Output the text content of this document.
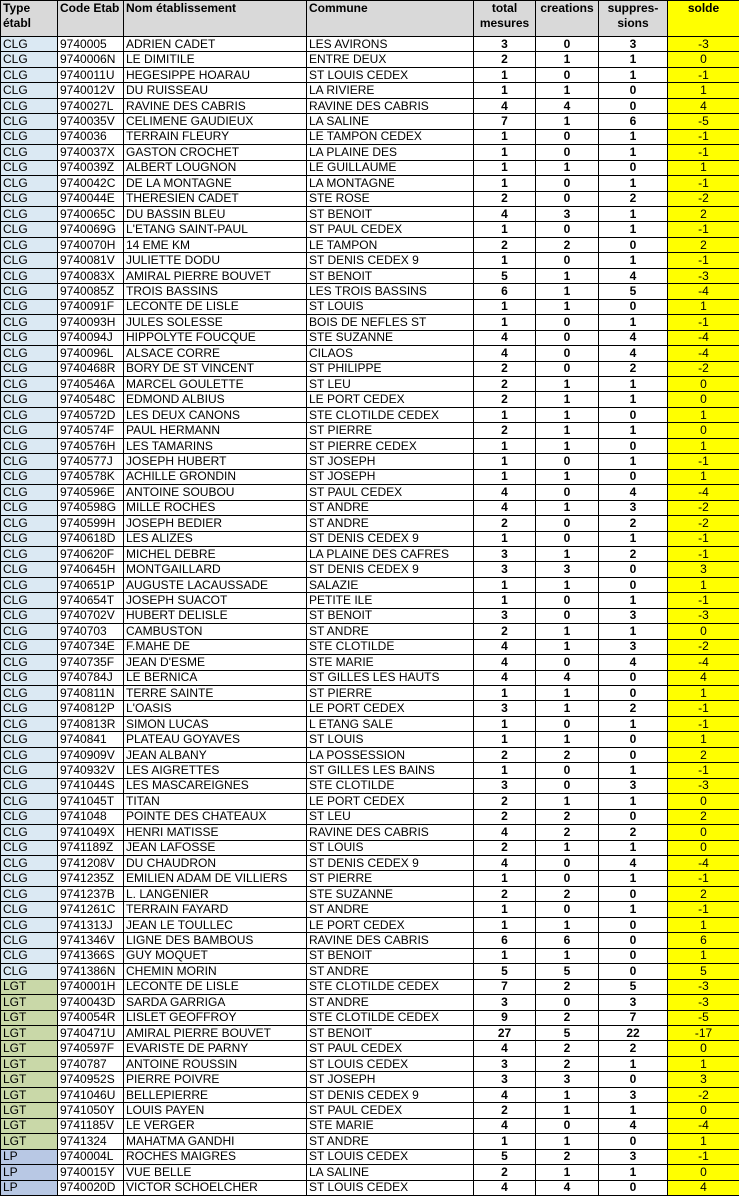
Type établ	Code Etab	Nom établissement	Commune	total mesures	creations	suppres-sions	solde
CLG	9740005	ADRIEN CADET	LES AVIRONS	3	0	3	-3
CLG	9740006N	LE DIMITILE	ENTRE DEUX	2	1	1	0
CLG	9740011U	HEGESIPPE HOARAU	ST LOUIS CEDEX	1	0	1	-1
CLG	9740012V	DU RUISSEAU	LA RIVIERE	1	1	0	1
CLG	9740027L	RAVINE DES CABRIS	RAVINE DES CABRIS	4	4	0	4
CLG	9740035V	CELIMENE GAUDIEUX	LA SALINE	7	1	6	-5
CLG	9740036	TERRAIN FLEURY	LE TAMPON CEDEX	1	0	1	-1
CLG	9740037X	GASTON CROCHET	LA PLAINE DES	1	0	1	-1
CLG	9740039Z	ALBERT LOUGNON	LE GUILLAUME	1	1	0	1
CLG	9740042C	DE LA MONTAGNE	LA MONTAGNE	1	0	1	-1
CLG	9740044E	THERESIEN CADET	STE ROSE	2	0	2	-2
CLG	9740065C	DU BASSIN BLEU	ST BENOIT	4	3	1	2
CLG	9740069G	L'ETANG SAINT-PAUL	ST PAUL CEDEX	1	0	1	-1
CLG	9740070H	14 EME KM	LE TAMPON	2	2	0	2
CLG	9740081V	JULIETTE DODU	ST DENIS CEDEX 9	1	0	1	-1
CLG	9740083X	AMIRAL PIERRE BOUVET	ST BENOIT	5	1	4	-3
CLG	9740085Z	TROIS BASSINS	LES TROIS BASSINS	6	1	5	-4
CLG	9740091F	LECONTE DE LISLE	ST LOUIS	1	1	0	1
CLG	9740093H	JULES SOLESSE	BOIS DE NEFLES ST	1	0	1	-1
CLG	9740094J	HIPPOLYTE FOUCQUE	STE SUZANNE	4	0	4	-4
CLG	9740096L	ALSACE CORRE	CILAOS	4	0	4	-4
CLG	9740468R	BORY DE ST VINCENT	ST PHILIPPE	2	0	2	-2
CLG	9740546A	MARCEL GOULETTE	ST LEU	2	1	1	0
CLG	9740548C	EDMOND ALBIUS	LE PORT CEDEX	2	1	1	0
CLG	9740572D	LES DEUX CANONS	STE CLOTILDE CEDEX	1	1	0	1
CLG	9740574F	PAUL HERMANN	ST PIERRE	2	1	1	0
CLG	9740576H	LES TAMARINS	ST PIERRE CEDEX	1	1	0	1
CLG	9740577J	JOSEPH HUBERT	ST JOSEPH	1	0	1	-1
CLG	9740578K	ACHILLE GRONDIN	ST JOSEPH	1	1	0	1
CLG	9740596E	ANTOINE SOUBOU	ST PAUL CEDEX	4	0	4	-4
CLG	9740598G	MILLE ROCHES	ST ANDRE	4	1	3	-2
CLG	9740599H	JOSEPH BEDIER	ST ANDRE	2	0	2	-2
CLG	9740618D	LES ALIZES	ST DENIS CEDEX 9	1	0	1	-1
CLG	9740620F	MICHEL DEBRE	LA PLAINE DES CAFRES	3	1	2	-1
CLG	9740645H	MONTGAILLARD	ST DENIS CEDEX 9	3	3	0	3
CLG	9740651P	AUGUSTE LACAUSSADE	SALAZIE	1	1	0	1
CLG	9740654T	JOSEPH SUACOT	PETITE ILE	1	0	1	-1
CLG	9740702V	HUBERT DELISLE	ST BENOIT	3	0	3	-3
CLG	9740703	CAMBUSTON	ST ANDRE	2	1	1	0
CLG	9740734E	F.MAHE DE	STE CLOTILDE	4	1	3	-2
CLG	9740735F	JEAN D'ESME	STE MARIE	4	0	4	-4
CLG	9740784J	LE BERNICA	ST GILLES LES HAUTS	4	4	0	4
CLG	9740811N	TERRE SAINTE	ST PIERRE	1	1	0	1
CLG	9740812P	L'OASIS	LE PORT CEDEX	3	1	2	-1
CLG	9740813R	SIMON LUCAS	L ETANG SALE	1	0	1	-1
CLG	9740841	PLATEAU GOYAVES	ST LOUIS	1	1	0	1
CLG	9740909V	JEAN ALBANY	LA POSSESSION	2	2	0	2
CLG	9740932V	LES AIGRETTES	ST GILLES LES BAINS	1	0	1	-1
CLG	9741044S	LES MASCAREIGNES	STE CLOTILDE	3	0	3	-3
CLG	9741045T	TITAN	LE PORT CEDEX	2	1	1	0
CLG	9741048	POINTE DES CHATEAUX	ST LEU	2	2	0	2
CLG	9741049X	HENRI MATISSE	RAVINE DES CABRIS	4	2	2	0
CLG	9741189Z	JEAN LAFOSSE	ST LOUIS	2	1	1	0
CLG	9741208V	DU CHAUDRON	ST DENIS CEDEX 9	4	0	4	-4
CLG	9741235Z	EMILIEN ADAM DE VILLIERS	ST PIERRE	1	0	1	-1
CLG	9741237B	L. LANGENIER	STE SUZANNE	2	2	0	2
CLG	9741261C	TERRAIN FAYARD	ST ANDRE	1	0	1	-1
CLG	9741313J	JEAN LE TOULLEC	LE PORT CEDEX	1	1	0	1
CLG	9741346V	LIGNE DES BAMBOUS	RAVINE DES CABRIS	6	6	0	6
CLG	9741366S	GUY MOQUET	ST BENOIT	1	1	0	1
CLG	9741386N	CHEMIN MORIN	ST ANDRE	5	5	0	5
LGT	9740001H	LECONTE DE LISLE	STE CLOTILDE CEDEX	7	2	5	-3
LGT	9740043D	SARDA GARRIGA	ST ANDRE	3	0	3	-3
LGT	9740054R	LISLET GEOFFROY	STE CLOTILDE CEDEX	9	2	7	-5
LGT	9740471U	AMIRAL PIERRE BOUVET	ST BENOIT	27	5	22	-17
LGT	9740597F	EVARISTE DE PARNY	ST PAUL CEDEX	4	2	2	0
LGT	9740787	ANTOINE ROUSSIN	ST LOUIS CEDEX	3	2	1	1
LGT	9740952S	PIERRE POIVRE	ST JOSEPH	3	3	0	3
LGT	9741046U	BELLEPIERRE	ST DENIS CEDEX 9	4	1	3	-2
LGT	9741050Y	LOUIS PAYEN	ST PAUL CEDEX	2	1	1	0
LGT	9741185V	LE VERGER	STE MARIE	4	0	4	-4
LGT	9741324	MAHATMA GANDHI	ST ANDRE	1	1	0	1
LP	9740004L	ROCHES MAIGRES	ST LOUIS CEDEX	5	2	3	-1
LP	9740015Y	VUE BELLE	LA SALINE	2	1	1	0
LP	9740020D	VICTOR SCHOELCHER	ST LOUIS CEDEX	4	4	0	4
